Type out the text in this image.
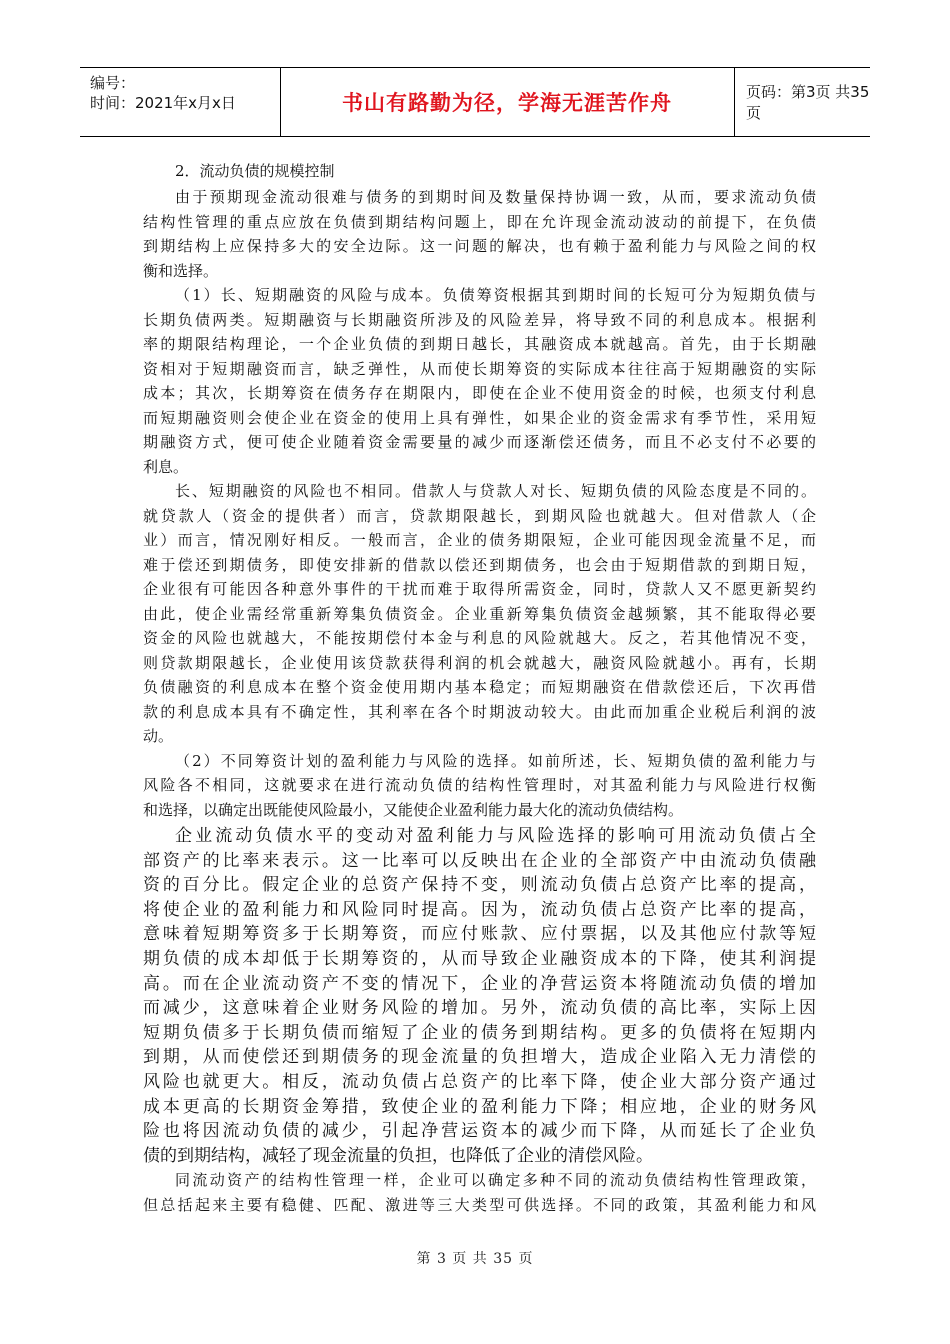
编号：
时间：2021年x月x日	书山有路勤为径，学海无涯苦作舟	页码：第3页 共35页
2．流动负债的规模控制
由于预期现金流动很难与债务的到期时间及数量保持协调一致，从而，要求流动负债
结构性管理的重点应放在负债到期结构问题上，即在允许现金流动波动的前提下，在负债
到期结构上应保持多大的安全边际。这一问题的解决，也有赖于盈利能力与风险之间的权
衡和选择。
（1）长、短期融资的风险与成本。负债筹资根据其到期时间的长短可分为短期负债与
长期负债两类。短期融资与长期融资所涉及的风险差异，将导致不同的利息成本。根据利
率的期限结构理论，一个企业负债的到期日越长，其融资成本就越高。首先，由于长期融
资相对于短期融资而言，缺乏弹性，从而使长期筹资的实际成本往往高于短期融资的实际
成本；其次，长期筹资在债务存在期限内，即使在企业不使用资金的时候，也须支付利息
而短期融资则会使企业在资金的使用上具有弹性，如果企业的资金需求有季节性，采用短
期融资方式，便可使企业随着资金需要量的减少而逐渐偿还债务，而且不必支付不必要的
利息。
长、短期融资的风险也不相同。借款人与贷款人对长、短期负债的风险态度是不同的。
就贷款人（资金的提供者）而言，贷款期限越长，到期风险也就越大。但对借款人（企
业）而言，情况刚好相反。一般而言，企业的债务期限短，企业可能因现金流量不足，而
难于偿还到期债务，即使安排新的借款以偿还到期债务，也会由于短期借款的到期日短，
企业很有可能因各种意外事件的干扰而难于取得所需资金，同时，贷款人又不愿更新契约
由此，使企业需经常重新筹集负债资金。企业重新筹集负债资金越频繁，其不能取得必要
资金的风险也就越大，不能按期偿付本金与利息的风险就越大。反之，若其他情况不变，
则贷款期限越长，企业使用该贷款获得利润的机会就越大，融资风险就越小。再有，长期
负债融资的利息成本在整个资金使用期内基本稳定；而短期融资在借款偿还后，下次再借
款的利息成本具有不确定性，其利率在各个时期波动较大。由此而加重企业税后利润的波
动。
（2）不同筹资计划的盈利能力与风险的选择。如前所述，长、短期负债的盈利能力与
风险各不相同，这就要求在进行流动负债的结构性管理时，对其盈利能力与风险进行权衡
和选择，以确定出既能使风险最小，又能使企业盈利能力最大化的流动负债结构。
企业流动负债水平的变动对盈利能力与风险选择的影响可用流动负债占全
部资产的比率来表示。这一比率可以反映出在企业的全部资产中由流动负债融
资的百分比。假定企业的总资产保持不变，则流动负债占总资产比率的提高，
将使企业的盈利能力和风险同时提高。因为，流动负债占总资产比率的提高，
意味着短期筹资多于长期筹资，而应付账款、应付票据，以及其他应付款等短
期负债的成本却低于长期筹资的，从而导致企业融资成本的下降，使其利润提
高。而在企业流动资产不变的情况下，企业的净营运资本将随流动负债的增加
而减少，这意味着企业财务风险的增加。另外，流动负债的高比率，实际上因
短期负债多于长期负债而缩短了企业的债务到期结构。更多的负债将在短期内
到期，从而使偿还到期债务的现金流量的负担增大，造成企业陷入无力清偿的
风险也就更大。相反，流动负债占总资产的比率下降，使企业大部分资产通过
成本更高的长期资金筹措，致使企业的盈利能力下降；相应地，企业的财务风
险也将因流动负债的减少，引起净营运资本的减少而下降，从而延长了企业负
债的到期结构，减轻了现金流量的负担，也降低了企业的清偿风险。
同流动资产的结构性管理一样，企业可以确定多种不同的流动负债结构性管理政策，
但总括起来主要有稳健、匹配、激进等三大类型可供选择。不同的政策，其盈利能力和风
第 3 页 共 35 页
